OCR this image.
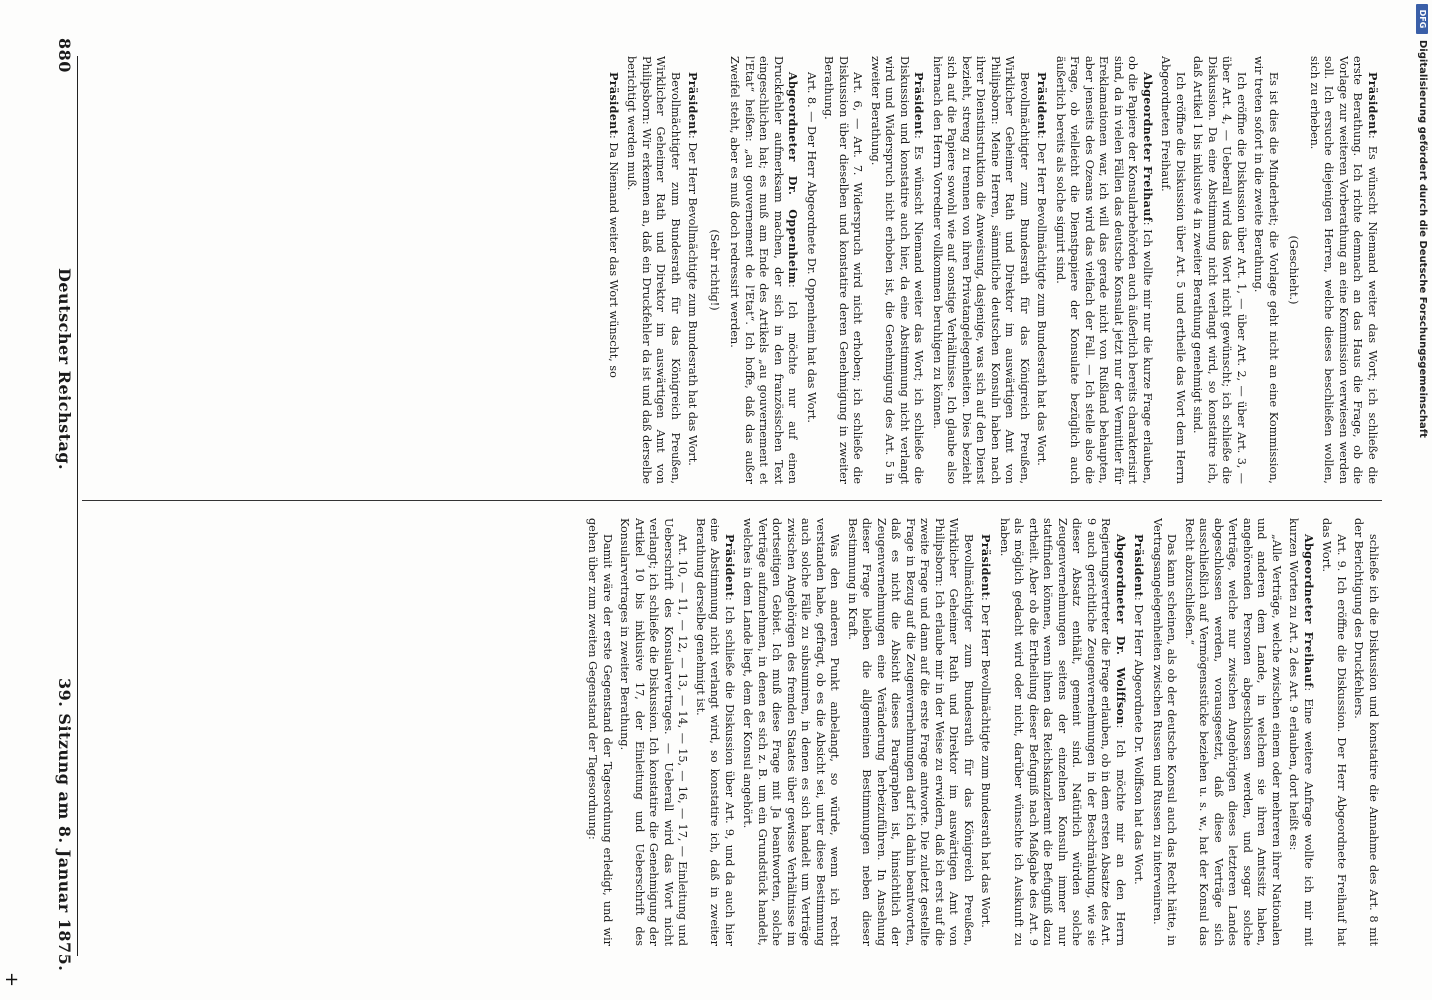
+
880
Deutscher Reichstag.
39. Sitzung am 8. Januar 1875.

Präsident: Es wünscht Niemand weiter das Wort; ich schließe die erste Berathung. Ich richte demnach an das Haus die Frage, ob die Vorlage zur weiteren Vorberathung an eine Kommission verwiesen werden soll. Ich ersuche diejenigen Herren, welche dieses beschließen wollen, sich zu erheben.

(Geschieht.)

Es ist dies die Minderheit; die Vorlage geht nicht an eine Kommission, wir treten sofort in die zweite Berathung.

Ich eröffne die Diskussion über Art. 1, — über Art. 2, — über Art. 3, — über Art. 4, — Ueberall wird das Wort nicht gewünscht; ich schließe die Diskussion. Da eine Abstimmung nicht verlangt wird, so konstatire ich, daß Artikel 1 bis inklusive 4 in zweiter Berathung genehmigt sind.

Ich eröffne die Diskussion über Art. 5 und ertheile das Wort dem Herrn Abgeordneten Freihauf.

Abgeordneter Freihauf: Ich wollte mir nur die kurze Frage erlauben, ob die Papiere der Konsularbehörden auch äußerlich bereits charakterisirt sind, da in vielen Fällen das deutsche Konsulat jetzt nur der Vermittler für Ereklamationen war, ich will das gerade nicht von Rußland behaupten, aber jenseits des Ozeans wird das vielfach der Fall. — Ich stelle also die Frage, ob vielleicht die Dienstpapiere der Konsulate bezüglich auch äußerlich bereits als solche signirt sind.

Präsident: Der Herr Bevollmächtigte zum Bundesrath hat das Wort.

Bevollmächtigter zum Bundesrath für das Königreich Preußen, Wirklicher Geheimer Rath und Direktor im auswärtigen Amt von Philipsborn: Meine Herren, sämmtliche deutschen Konsuln haben nach ihrer Dienstinstruktion die Anweisung, dasjenige, was sich auf den Dienst bezieht, streng zu trennen von ihren Privatangelegenheiten. Dies bezieht sich auf die Papiere sowohl wie auf sonstige Verhältnisse. Ich glaube also hiernach den Herrn Vorredner vollkommen beruhigen zu können.

Präsident: Es wünscht Niemand weiter das Wort; ich schließe die Diskussion und konstatire auch hier, da eine Abstimmung nicht verlangt wird und Widerspruch nicht erhoben ist, die Genehmigung des Art. 5 in zweiter Berathung.

Art. 6, — Art. 7. Widerspruch wird nicht erhoben; ich schließe die Diskussion über dieselben und konstatire deren Genehmigung in zweiter Berathung.

Art. 8. — Der Herr Abgeordnete Dr. Oppenheim hat das Wort.

Abgeordneter Dr. Oppenheim: Ich möchte nur auf einen Druckfehler aufmerksam machen, der sich in den französischen Text eingeschlichen hat; es muß am Ende des Artikels „au gouvernement et l'Etat“ heißen: „au gouvernement de l'Etat“. Ich hoffe, daß das außer Zweifel steht, aber es muß doch redressirt werden.

(Sehr richtig!)

Präsident: Der Herr Bevollmächtigte zum Bundesrath hat das Wort.

Bevollmächtigter zum Bundesrath für das Königreich Preußen, Wirklicher Geheimer Rath und Direktor im auswärtigen Amt von Philipsborn: Wir erkennen an, daß ein Druckfehler da ist und daß derselbe berichtigt werden muß.

Präsident: Da Niemand weiter das Wort wünscht, so

schließe ich die Diskussion und konstatire die Annahme des Art. 8 mit der Berichtigung des Druckfehlers.

Art. 9. Ich eröffne die Diskussion. Der Herr Abgeordnete Freihauf hat das Wort.

Abgeordneter Freihauf: Eine weitere Anfrage wollte ich mir mit kurzen Worten zu Art. 2 des Art. 9 erlauben, dort heißt es:

„Alle Verträge, welche zwischen einem oder mehreren ihrer Nationalen und anderen dem Lande, in welchem sie ihren Amtssitz haben, angehörenden Personen abgeschlossen werden, und sogar solche Verträge, welche nur zwischen Angehörigen dieses letzteren Landes abgeschlossen werden, vorausgesetzt, daß diese Verträge sich ausschließlich auf Vermögensstücke beziehen u. s. w., hat der Konsul das Recht abzuschließen.“

Das kann scheinen, als ob der deutsche Konsul auch das Recht hätte, in Vertragsangelegenheiten zwischen Russen und Russen zu interveniren.

Präsident: Der Herr Abgeordnete Dr. Wolffson hat das Wort.

Abgeordneter Dr. Wolffson: Ich möchte mir an den Herrn Regierungsvertreter die Frage erlauben, ob in dem ersten Absatze des Art. 9 auch gerichtliche Zeugenvernehmungen in der Beschränkung, wie sie dieser Absatz enthält, gemeint sind. Natürlich würden solche Zeugenvernehmungen seitens der einzelnen Konsuln immer nur stattfinden können, wenn ihnen das Reichskanzleramt die Befugniß dazu ertheilt. Aber ob die Ertheilung dieser Befugniß nach Maßgabe des Art. 9 als möglich gedacht wird oder nicht, darüber wünschte ich Auskunft zu haben.

Präsident: Der Herr Bevollmächtigte zum Bundesrath hat das Wort.

Bevollmächtigter zum Bundesrath für das Königreich Preußen, Wirklicher Geheimer Rath und Direktor im auswärtigen Amt von Philipsborn: Ich erlaube mir in der Weise zu erwidern, daß ich erst auf die zweite Frage und dann auf die erste Frage antworte. Die zuletzt gestellte Frage in Bezug auf die Zeugenvernehmungen darf ich dahin beantworten, daß es nicht die Absicht dieses Paragraphen ist, hinsichtlich der Zeugenvernehmungen eine Veränderung herbeizuführen. In Ansehung dieser Frage bleiben die allgemeinen Bestimmungen neben dieser Bestimmung in Kraft.

Was den anderen Punkt anbelangt, so würde, wenn ich recht verstanden habe, gefragt, ob es die Absicht sei, unter diese Bestimmung auch solche Fälle zu subsumiren, in denen es sich handelt um Verträge zwischen Angehörigen des fremden Staates über gewisse Verhältnisse im dortseitigen Gebiet. Ich muß diese Frage mit Ja beantworten, solche Verträge aufzunehmen, in denen es sich z. B. um ein Grundstück handelt, welches in dem Lande liegt, dem der Konsul angehört.

Präsident: Ich schließe die Diskussion über Art. 9, und da auch hier eine Abstimmung nicht verlangt wird, so konstatire ich, daß in zweiter Berathung derselbe genehmigt ist.

Art. 10, — 11, — 12, — 13, — 14, — 15, — 16, — 17, — Einleitung und Ueberschrift des Konsularvertrages. — Ueberall wird das Wort nicht verlangt; ich schließe die Diskussion. Ich konstatire die Genehmigung der Artikel 10 bis inklusive 17, der Einleitung und Ueberschrift des Konsularvertrages in zweiter Berathung.

Damit wäre der erste Gegenstand der Tagesordnung erledigt, und wir gehen über zum zweiten Gegenstand der Tagesordnung:

DFG
Digitalisierung gefördert durch die Deutsche Forschungsgemeinschaft
